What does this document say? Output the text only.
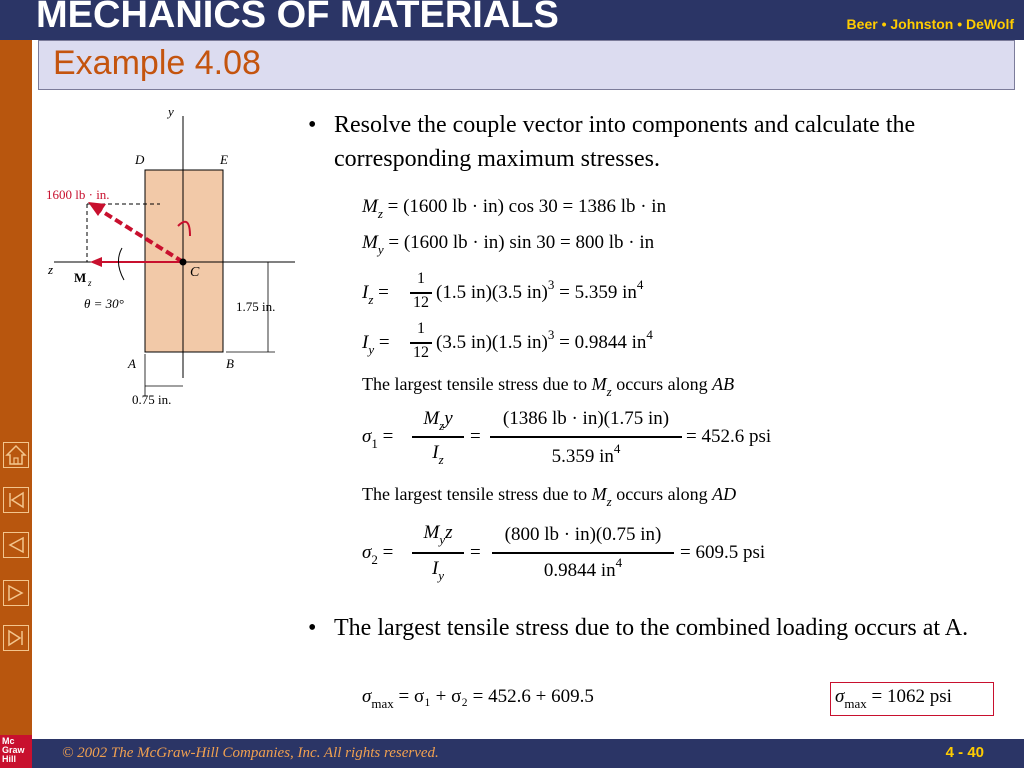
MECHANICS OF MATERIALS	Beer • Johnston • DeWolf
Example 4.08
y
z
D	E
A	B
C
1600 lb · in.
M z
θ = 30°	1.75 in.
0.75 in.
• Resolve the couple vector into components and calculate the corresponding maximum stresses.
• The largest tensile stress due to the combined loading occurs at A.
$M_z = (1600$ lb · in) cos 30 = 1386 lb · in
$M_y = (1600$ lb · in) sin 30 = 800 lb · in
$I_z$ =
1
12 (1.5 in)(3.5 in)$^3$ = 5.359 $in^4$
$I_y$ =
1
12 (3.5 in)(1.5 in)$^3$ = 0.9844 $in^4$
The largest tensile stress due to $M_z$ occurs along AB
$\sigma_1$ =
$M_zy$
$I_z$
=
(1386 lb · in)(1.75 in)
5.359 $in^4$
= 452.6 psi
The largest tensile stress due to $M_z$ occurs along AD
$\sigma_2$ =
$M_yz$
$I_y$
=
(800 lb · in)(0.75 in)
0.9844 $in^4$	= 609.5 psi
$\sigma_{max} = \sigma_1 + \sigma_2 = 452.6 + 609.5$	$\sigma_{max} = 1062$ psi
© 2002 The McGraw-Hill Companies, Inc. All rights reserved.	4 - 40
Mc
Graw
Hill
